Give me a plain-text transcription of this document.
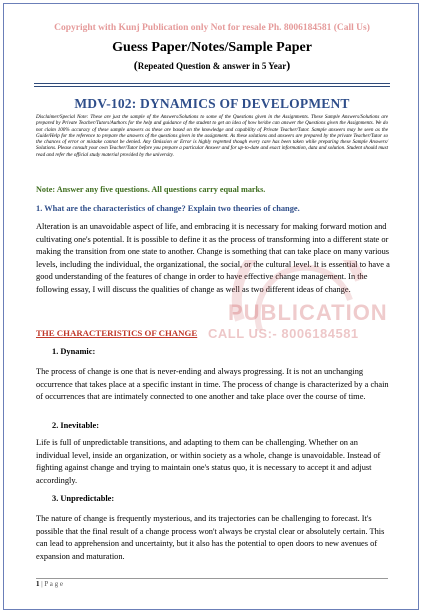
Copyright with Kunj Publication only Not for resale Ph. 8006184581 (Call Us)
Guess Paper/Notes/Sample Paper
(Repeated Question & answer in 5 Year)
MDV-102: DYNAMICS OF DEVELOPMENT
Disclaimer/Special Note: These are just the sample of the Answers/Solutions to some of the Questions given in the Assignments. These Sample Answers/Solutions are prepared by Private Teacher/Tutors/Authors for the help and guidance of the student to get an idea of how he/she can answer the Questions given the Assignments. We do not claim 100% accuracy of these sample answers as these are based on the knowledge and capability of Private Teacher/Tutor. Sample answers may be seen as the Guide/Help for the reference to prepare the answers of the questions given in the assignment. As these solutions and answers are prepared by the private Teacher/Tutor so the chances of error or mistake cannot be denied. Any Omission or Error is highly regretted though every care has been taken while preparing these Sample Answers/ Solutions. Please consult your own Teacher/Tutor before you prepare a particular Answer and for up-to-date and exact information, data and solution. Student should must read and refer the official study material provided by the university.
Note: Answer any five questions. All questions carry equal marks.
1. What are the characteristics of change? Explain two theories of change.
Alteration is an unavoidable aspect of life, and embracing it is necessary for making forward motion and cultivating one's potential. It is possible to define it as the process of transforming into a different state or making the transition from one state to another. Change is something that can take place on many various levels, including the individual, the organizational, the social, or the cultural level. It is essential to have a good understanding of the features of change in order to have effective change management. In the following essay, I will discuss the qualities of change as well as two different ideas of change.
PUBLICATION
CALL US:- 8006184581
THE CHARACTERISTICS OF CHANGE
1. Dynamic:
The process of change is one that is never-ending and always progressing. It is not an unchanging occurrence that takes place at a specific instant in time. The process of change is characterized by a chain of occurrences that are intimately connected to one another and take place over the course of time.
2. Inevitable:
Life is full of unpredictable transitions, and adapting to them can be challenging. Whether on an individual level, inside an organization, or within society as a whole, change is unavoidable. Instead of fighting against change and trying to maintain one's status quo, it is necessary to accept it and adjust accordingly.
3. Unpredictable:
The nature of change is frequently mysterious, and its trajectories can be challenging to forecast. It's possible that the final result of a change process won't always be crystal clear or absolutely certain. This can lead to apprehension and uncertainty, but it also has the potential to open doors to new avenues of expansion and maturation.
1 | P a g e
